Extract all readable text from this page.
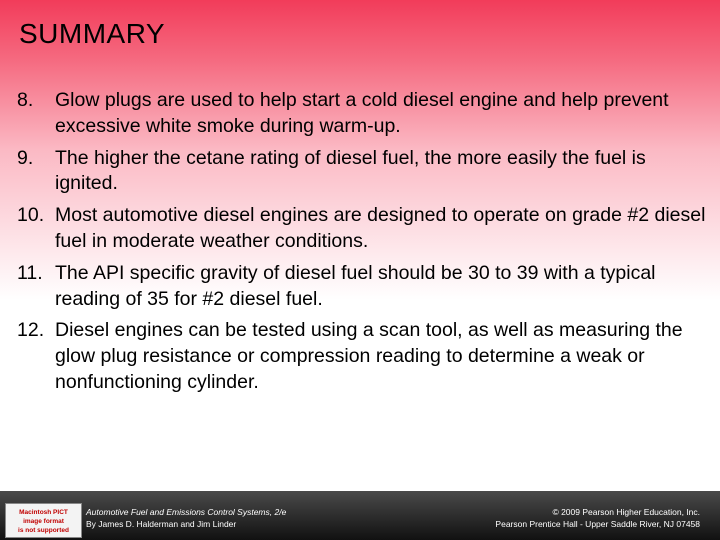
SUMMARY
8. Glow plugs are used to help start a cold diesel engine and help prevent excessive white smoke during warm-up.
9. The higher the cetane rating of diesel fuel, the more easily the fuel is ignited.
10. Most automotive diesel engines are designed to operate on grade #2 diesel fuel in moderate weather conditions.
11. The API specific gravity of diesel fuel should be 30 to 39 with a typical reading of 35 for #2 diesel fuel.
12. Diesel engines can be tested using a scan tool, as well as measuring the glow plug resistance or compression reading to determine a weak or nonfunctioning cylinder.
Macintosh PICT
image format
is not supported
Automotive Fuel and Emissions Control Systems, 2/e
By James D. Halderman and Jim Linder
© 2009 Pearson Higher Education, Inc.
Pearson Prentice Hall - Upper Saddle River, NJ 07458
